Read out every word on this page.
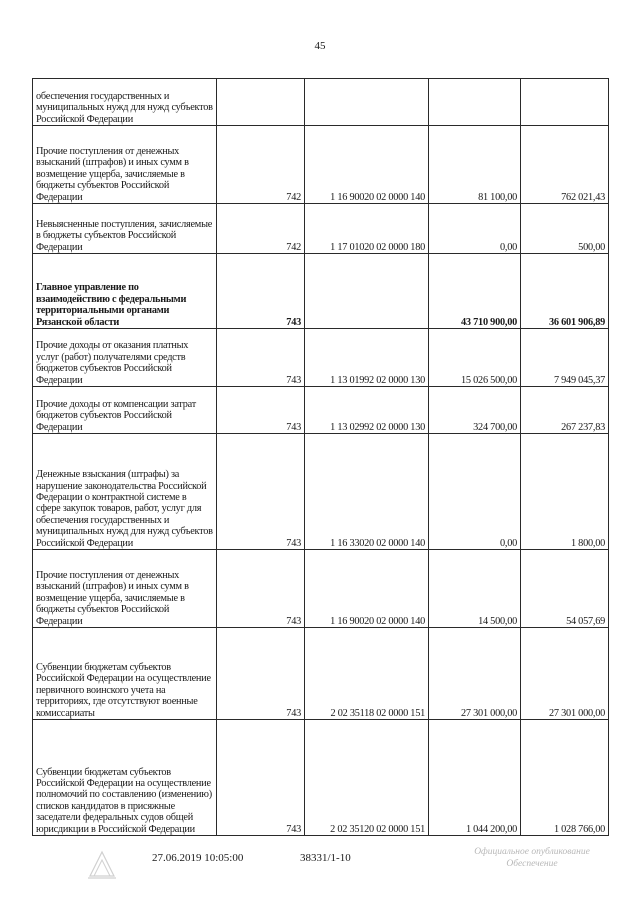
45
обеспечения государственных и муниципальных нужд для нужд субъектов Российской Федерации				
Прочие поступления от денежных взысканий (штрафов) и иных сумм в возмещение ущерба, зачисляемые в бюджеты субъектов Российской Федерации	742	1 16 90020 02 0000 140	81 100,00	762 021,43
Невыясненные поступления, зачисляемые в бюджеты субъектов Российской Федерации	742	1 17 01020 02 0000 180	0,00	500,00
Главное управление по взаимодействию с федеральными территориальными органами Рязанской области	743		43 710 900,00	36 601 906,89
Прочие доходы от оказания платных услуг (работ) получателями средств бюджетов субъектов Российской Федерации	743	1 13 01992 02 0000 130	15 026 500,00	7 949 045,37
Прочие доходы от компенсации затрат бюджетов субъектов Российской Федерации	743	1 13 02992 02 0000 130	324 700,00	267 237,83
Денежные взыскания (штрафы) за нарушение законодательства Российской Федерации о контрактной системе в сфере закупок товаров, работ, услуг для обеспечения государственных и муниципальных нужд для нужд субъектов Российской Федерации	743	1 16 33020 02 0000 140	0,00	1 800,00
Прочие поступления от денежных взысканий (штрафов) и иных сумм в возмещение ущерба, зачисляемые в бюджеты субъектов Российской Федерации	743	1 16 90020 02 0000 140	14 500,00	54 057,69
Субвенции бюджетам субъектов Российской Федерации на осуществление первичного воинского учета на территориях, где отсутствуют военные комиссариаты	743	2 02 35118 02 0000 151	27 301 000,00	27 301 000,00
Субвенции бюджетам субъектов Российской Федерации на осуществление полномочий по составлению (изменению) списков кандидатов в присяжные заседатели федеральных судов общей юрисдикции в Российской Федерации	743	2 02 35120 02 0000 151	1 044 200,00	1 028 766,00
27.06.2019 10:05:00	38331/1-10	Официальное опубликование Обеспечение
